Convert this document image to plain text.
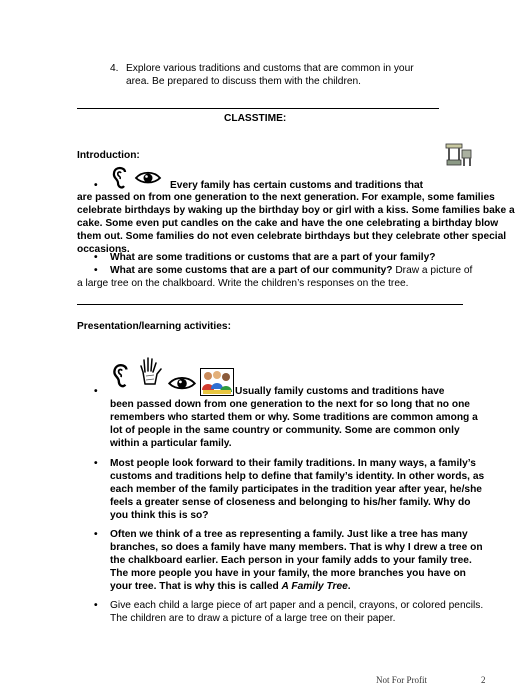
4. Explore various traditions and customs that are common in your
area. Be prepared to discuss them with the children.
CLASSTIME:
Introduction:
•	Every family has certain customs and traditions that

are passed on from one generation to the next generation. For example, some families celebrate birthdays by waking up the birthday boy or girl with a kiss. Some families bake a cake. Some even put candles on the cake and have the one celebrating a birthday blow them out. Some families do not even celebrate birthdays but they celebrate other special occasions.

• What are some traditions or customs that are a part of your family?
• What are some customs that are a part of our community? Draw a picture of
a large tree on the chalkboard. Write the children’s responses on the tree.
Presentation/learning activities:
•	Usually family customs and traditions have

been passed down from one generation to the next for so long that no one remembers who started them or why. Some traditions are common among a lot of people in the same country or community. Some are common only within a particular family.

• Most people look forward to their family traditions. In many ways, a family’s customs and traditions help to define that family’s identity. In other words, as each member of the family participates in the tradition year after year, he/she feels a greater sense of closeness and belonging to his/her family. Why do you think this is so?

• Often we think of a tree as representing a family. Just like a tree has many branches, so does a family have many members. That is why I drew a tree on the chalkboard earlier. Each person in your family adds to your family tree. The more people you have in your family, the more branches you have on your tree. That is why this is called A Family Tree.

• Give each child a large piece of art paper and a pencil, crayons, or colored pencils. The children are to draw a picture of a large tree on their paper.

Not For Profit	2
